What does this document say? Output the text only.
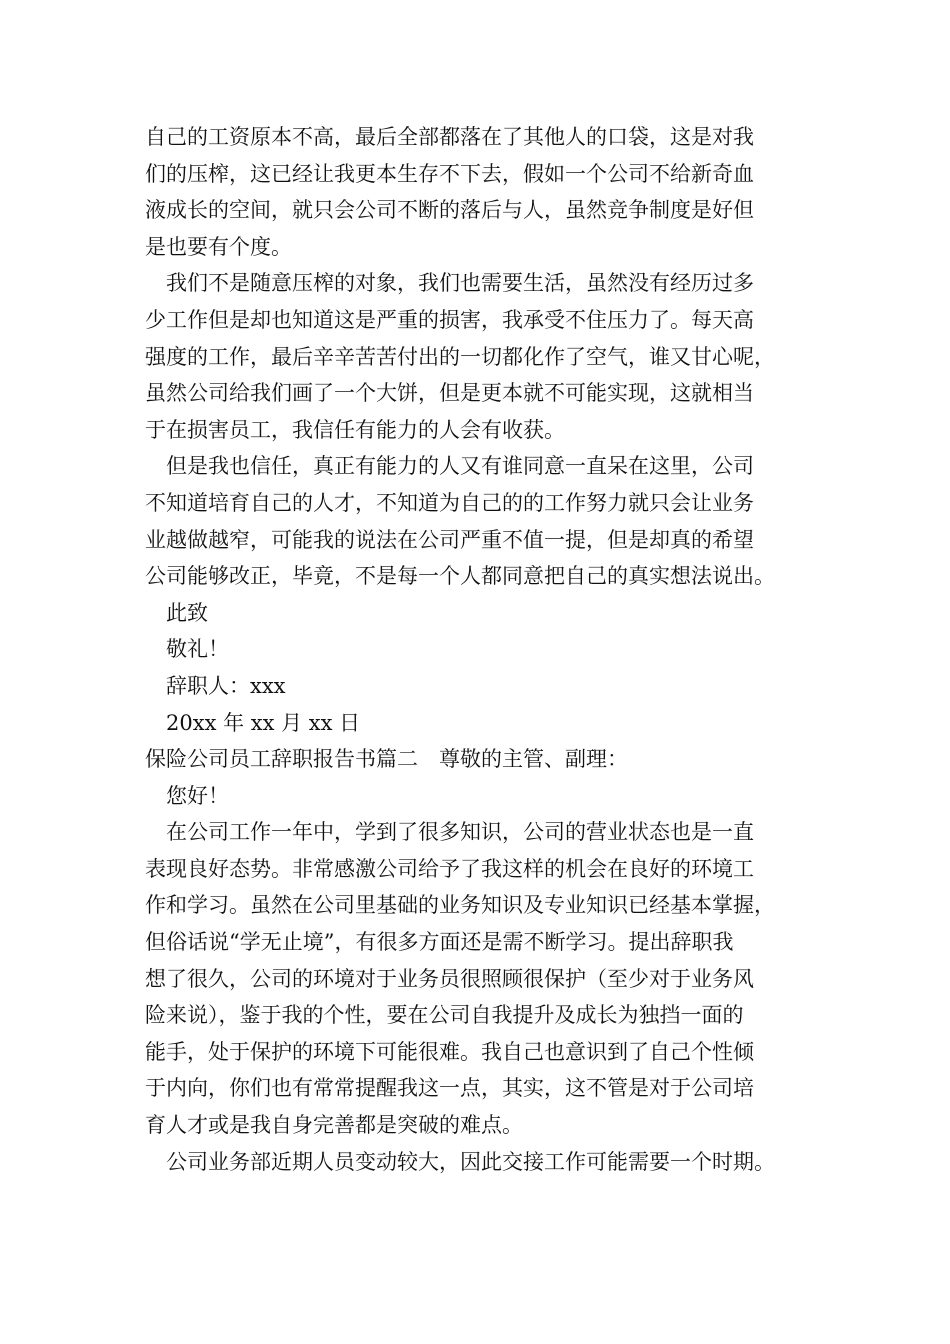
自己的工资原本不高，最后全部都落在了其他人的口袋，这是对我
们的压榨，这已经让我更本生存不下去，假如一个公司不给新奇血
液成长的空间，就只会公司不断的落后与人，虽然竞争制度是好但
是也要有个度。
我们不是随意压榨的对象，我们也需要生活，虽然没有经历过多
少工作但是却也知道这是严重的损害，我承受不住压力了。每天高
强度的工作，最后辛辛苦苦付出的一切都化作了空气，谁又甘心呢，
虽然公司给我们画了一个大饼，但是更本就不可能实现，这就相当
于在损害员工，我信任有能力的人会有收获。
但是我也信任，真正有能力的人又有谁同意一直呆在这里，公司
不知道培育自己的人才，不知道为自己的的工作努力就只会让业务
业越做越窄，可能我的说法在公司严重不值一提，但是却真的希望
公司能够改正，毕竟，不是每一个人都同意把自己的真实想法说出。
此致
敬礼！
辞职人：xxx
20xx 年 xx 月 xx 日
保险公司员工辞职报告书篇二　尊敬的主管、副理：
您好！
在公司工作一年中，学到了很多知识，公司的营业状态也是一直
表现良好态势。非常感激公司给予了我这样的机会在良好的环境工
作和学习。虽然在公司里基础的业务知识及专业知识已经基本掌握，
但俗话说“学无止境”，有很多方面还是需不断学习。提出辞职我
想了很久，公司的环境对于业务员很照顾很保护（至少对于业务风
险来说），鉴于我的个性，要在公司自我提升及成长为独挡一面的
能手，处于保护的环境下可能很难。我自己也意识到了自己个性倾
于内向，你们也有常常提醒我这一点，其实，这不管是对于公司培
育人才或是我自身完善都是突破的难点。
公司业务部近期人员变动较大，因此交接工作可能需要一个时期。
